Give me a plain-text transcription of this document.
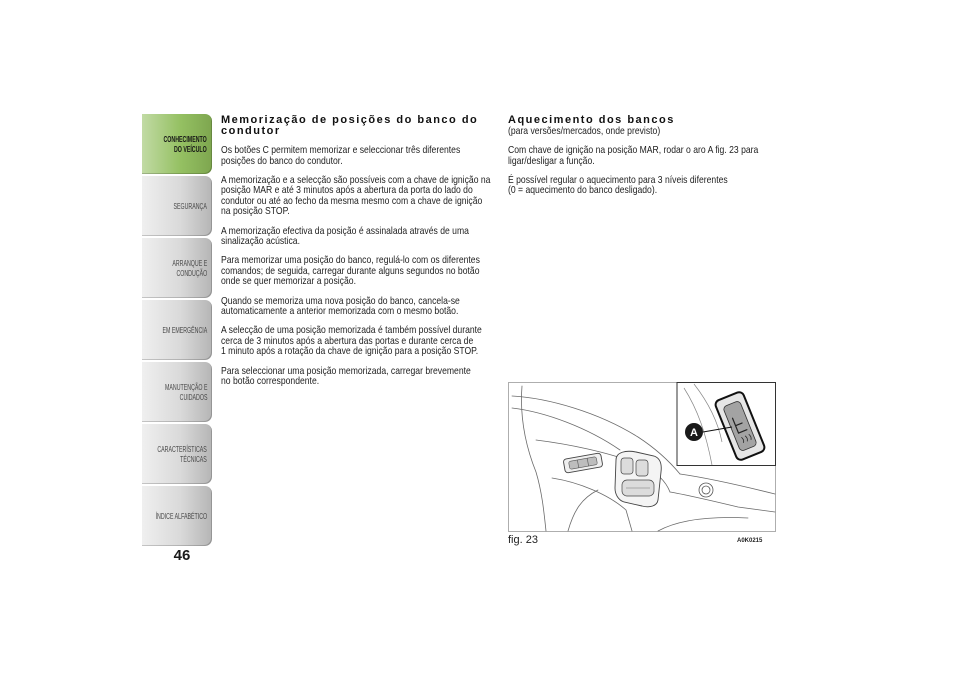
CONHECIMENTO
DO VEÍCULO
SEGURANÇA
ARRANQUE E
CONDUÇÃO
EM EMERGÊNCIA
MANUTENÇÃO E
CUIDADOS
CARACTERÍSTICAS
TÉCNICAS
ÍNDICE ALFABÉTICO
46
Memorização de posições do banco do
condutor

Os botões C permitem memorizar e seleccionar três diferentes
posições do banco do condutor.

A memorização e a selecção são possíveis com a chave de ignição na
posição MAR e até 3 minutos após a abertura da porta do lado do
condutor ou até ao fecho da mesma mesmo com a chave de ignição
na posição STOP.

A memorização efectiva da posição é assinalada através de uma
sinalização acústica.

Para memorizar uma posição do banco, regulá-lo com os diferentes
comandos; de seguida, carregar durante alguns segundos no botão
onde se quer memorizar a posição.

Quando se memoriza uma nova posição do banco, cancela-se
automaticamente a anterior memorizada com o mesmo botão.

A selecção de uma posição memorizada é também possível durante
cerca de 3 minutos após a abertura das portas e durante cerca de
1 minuto após a rotação da chave de ignição para a posição STOP.

Para seleccionar uma posição memorizada, carregar brevemente
no botão correspondente.

Aquecimento dos bancos

(para versões/mercados, onde previsto)

Com chave de ignição na posição MAR, rodar o aro A fig. 23 para
ligar/desligar a função.

É possível regular o aquecimento para 3 níveis diferentes
(0 = aquecimento do banco desligado).

A
fig. 23	A0K0215
